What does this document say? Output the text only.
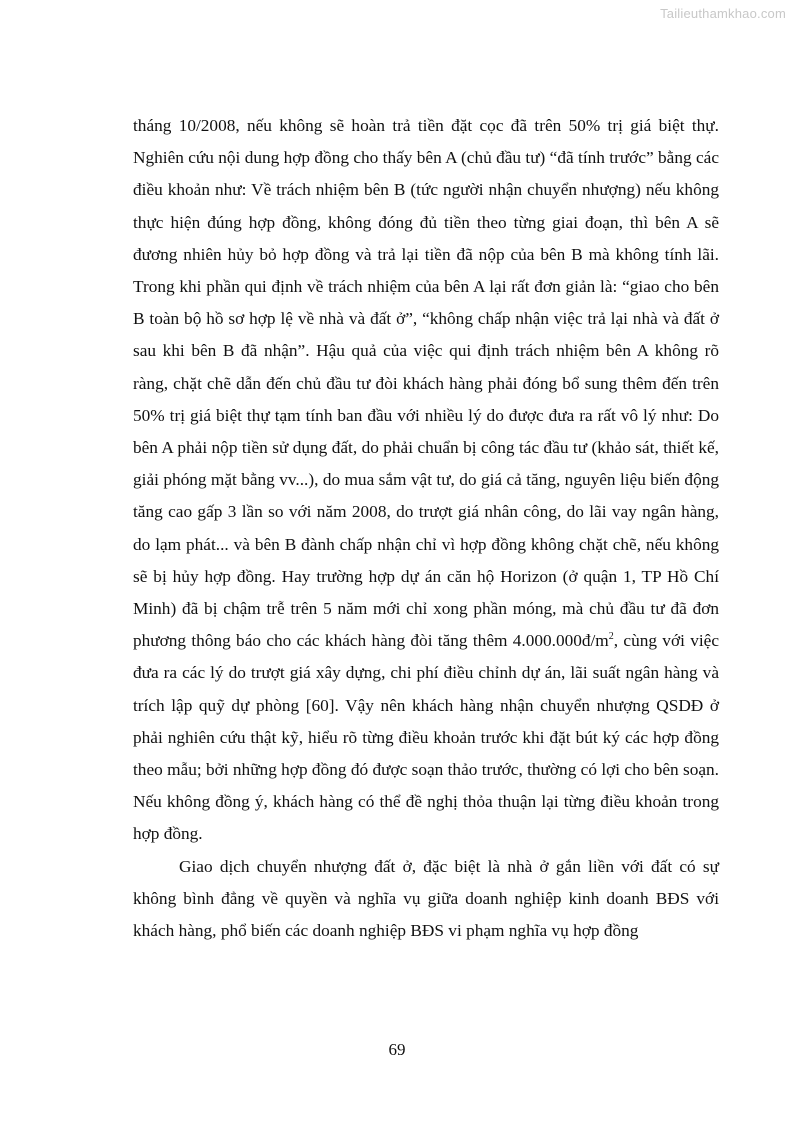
Tailieuthamkhao.com

tháng 10/2008, nếu không sẽ hoàn trả tiền đặt cọc đã trên 50% trị giá biệt thự. Nghiên cứu nội dung hợp đồng cho thấy bên A (chủ đầu tư) “đã tính trước” bằng các điều khoản như: Về trách nhiệm bên B (tức người nhận chuyển nhượng) nếu không thực hiện đúng hợp đồng, không đóng đủ tiền theo từng giai đoạn, thì bên A sẽ đương nhiên hủy bỏ hợp đồng và trả lại tiền đã nộp của bên B mà không tính lãi. Trong khi phần qui định về trách nhiệm của bên A lại rất đơn giản là: “giao cho bên B toàn bộ hồ sơ hợp lệ về nhà và đất ở”, “không chấp nhận việc trả lại nhà và đất ở sau khi bên B đã nhận”. Hậu quả của việc qui định trách nhiệm bên A không rõ ràng, chặt chẽ dẫn đến chủ đầu tư đòi khách hàng phải đóng bổ sung thêm đến trên 50% trị giá biệt thự tạm tính ban đầu với nhiều lý do được đưa ra rất vô lý như: Do bên A phải nộp tiền sử dụng đất, do phải chuẩn bị công tác đầu tư (khảo sát, thiết kế, giải phóng mặt bằng vv...), do mua sắm vật tư, do giá cả tăng, nguyên liệu biến động tăng cao gấp 3 lần so với năm 2008, do trượt giá nhân công, do lãi vay ngân hàng, do lạm phát... và bên B đành chấp nhận chỉ vì hợp đồng không chặt chẽ, nếu không sẽ bị hủy hợp đồng. Hay trường hợp dự án căn hộ Horizon (ở quận 1, TP Hồ Chí Minh) đã bị chậm trễ trên 5 năm mới chỉ xong phần móng, mà chủ đầu tư đã đơn phương thông báo cho các khách hàng đòi tăng thêm $4.000.000đ/m^2$, cùng với việc đưa ra các lý do trượt giá xây dựng, chi phí điều chỉnh dự án, lãi suất ngân hàng và trích lập quỹ dự phòng [60]. Vậy nên khách hàng nhận chuyển nhượng QSDĐ ở phải nghiên cứu thật kỹ, hiểu rõ từng điều khoản trước khi đặt bút ký các hợp đồng theo mẫu; bởi những hợp đồng đó được soạn thảo trước, thường có lợi cho bên soạn. Nếu không đồng ý, khách hàng có thể đề nghị thỏa thuận lại từng điều khoản trong hợp đồng.

Giao dịch chuyển nhượng đất ở, đặc biệt là nhà ở gắn liền với đất có sự không bình đẳng về quyền và nghĩa vụ giữa doanh nghiệp kinh doanh BĐS với khách hàng, phổ biến các doanh nghiệp BĐS vi phạm nghĩa vụ hợp đồng

69
